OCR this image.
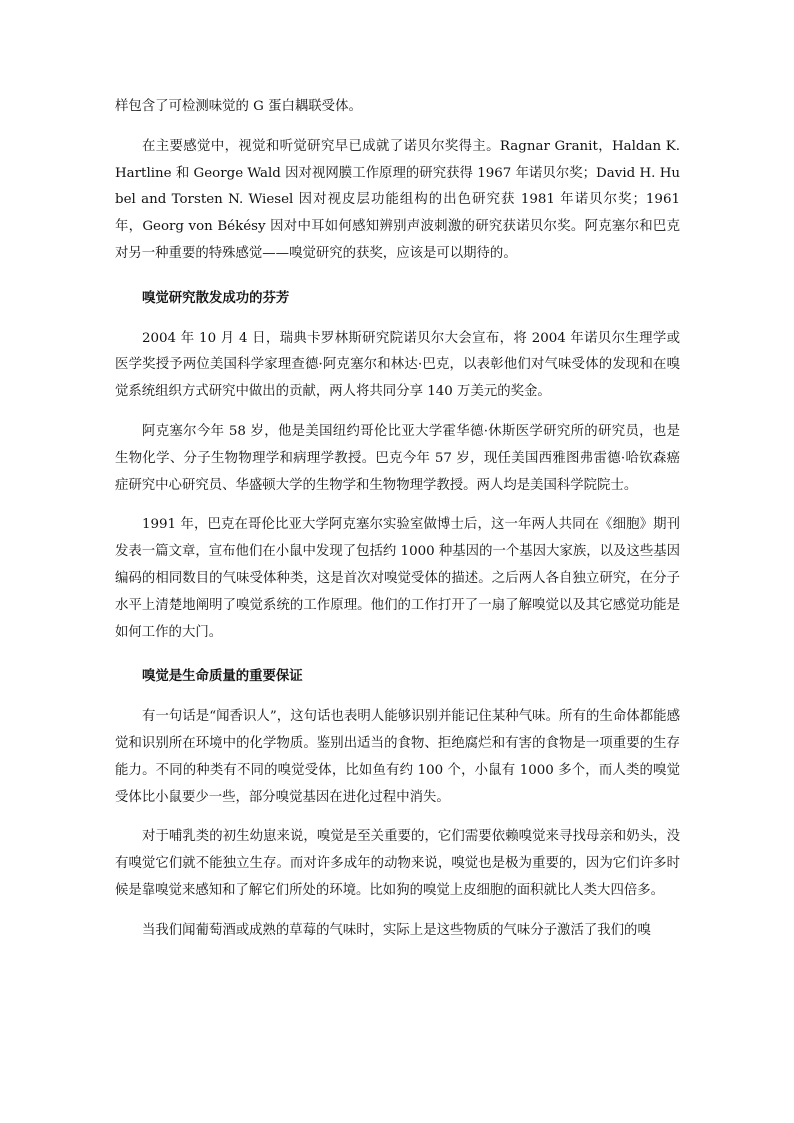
样包含了可检测味觉的 G 蛋白耦联受体。

在主要感觉中，视觉和听觉研究早已成就了诺贝尔奖得主。Ragnar Granit，Haldan K. Hartline 和 George Wald 因对视网膜工作原理的研究获得 1967 年诺贝尔奖；David H. Hubel and Torsten N. Wiesel 因对视皮层功能组构的出色研究获 1981 年诺贝尔奖；1961 年，Georg von Békésy 因对中耳如何感知辨别声波刺激的研究获诺贝尔奖。阿克塞尔和巴克对另一种重要的特殊感觉——嗅觉研究的获奖，应该是可以期待的。

嗅觉研究散发成功的芬芳

2004 年 10 月 4 日，瑞典卡罗林斯研究院诺贝尔大会宣布，将 2004 年诺贝尔生理学或医学奖授予两位美国科学家理查德·阿克塞尔和林达·巴克，以表彰他们对气味受体的发现和在嗅觉系统组织方式研究中做出的贡献，两人将共同分享 140 万美元的奖金。

阿克塞尔今年 58 岁，他是美国纽约哥伦比亚大学霍华德·休斯医学研究所的研究员，也是生物化学、分子生物物理学和病理学教授。巴克今年 57 岁，现任美国西雅图弗雷德·哈钦森癌症研究中心研究员、华盛顿大学的生物学和生物物理学教授。两人均是美国科学院院士。

1991 年，巴克在哥伦比亚大学阿克塞尔实验室做博士后，这一年两人共同在《细胞》期刊发表一篇文章，宣布他们在小鼠中发现了包括约 1000 种基因的一个基因大家族，以及这些基因编码的相同数目的气味受体种类，这是首次对嗅觉受体的描述。之后两人各自独立研究，在分子水平上清楚地阐明了嗅觉系统的工作原理。他们的工作打开了一扇了解嗅觉以及其它感觉功能是如何工作的大门。

嗅觉是生命质量的重要保证

有一句话是“闻香识人”，这句话也表明人能够识别并能记住某种气味。所有的生命体都能感觉和识别所在环境中的化学物质。鉴别出适当的食物、拒绝腐烂和有害的食物是一项重要的生存能力。不同的种类有不同的嗅觉受体，比如鱼有约 100 个，小鼠有 1000 多个，而人类的嗅觉受体比小鼠要少一些，部分嗅觉基因在进化过程中消失。

对于哺乳类的初生幼崽来说，嗅觉是至关重要的，它们需要依赖嗅觉来寻找母亲和奶头，没有嗅觉它们就不能独立生存。而对许多成年的动物来说，嗅觉也是极为重要的，因为它们许多时候是靠嗅觉来感知和了解它们所处的环境。比如狗的嗅觉上皮细胞的面积就比人类大四倍多。

当我们闻葡萄酒或成熟的草莓的气味时，实际上是这些物质的气味分子激活了我们的嗅
